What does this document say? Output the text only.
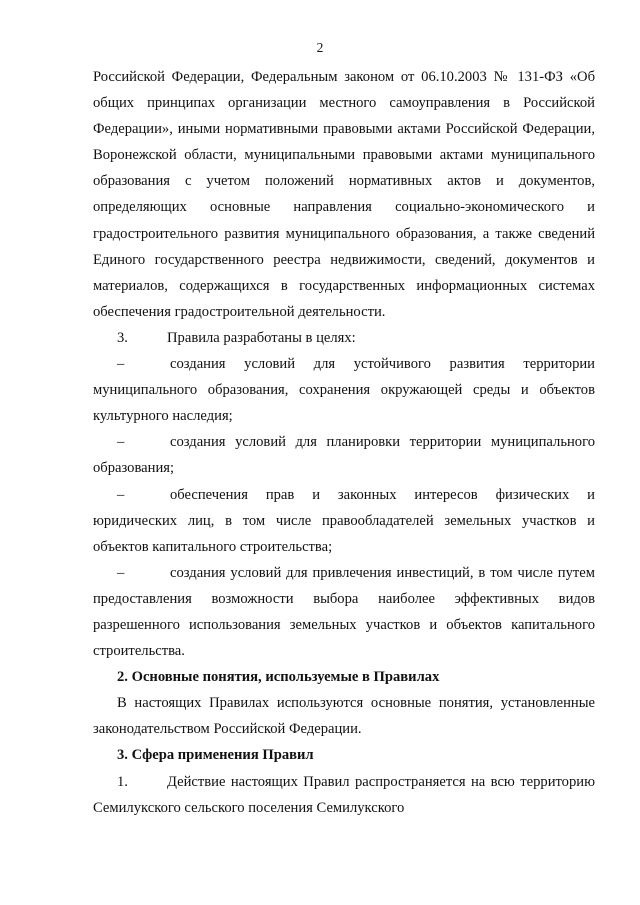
2

Российской Федерации, Федеральным законом от 06.10.2003 № 131-ФЗ «Об общих принципах организации местного самоуправления в Российской Федерации», иными нормативными правовыми актами Российской Федерации, Воронежской области, муниципальными правовыми актами муниципального образования с учетом положений нормативных актов и документов, определяющих основные направления социально-экономического и градостроительного развития муниципального образования, а также сведений Единого государственного реестра недвижимости, сведений, документов и материалов, содержащихся в государственных информационных системах обеспечения градостроительной деятельности.

3.	Правила разработаны в целях:

–	создания условий для устойчивого развития территории муниципального образования, сохранения окружающей среды и объектов культурного наследия;

–	создания условий для планировки территории муниципального образования;

–	обеспечения прав и законных интересов физических и юридических лиц, в том числе правообладателей земельных участков и объектов капитального строительства;

–	создания условий для привлечения инвестиций, в том числе путем предоставления возможности выбора наиболее эффективных видов разрешенного использования земельных участков и объектов капитального строительства.

2. Основные понятия, используемые в Правилах

В настоящих Правилах используются основные понятия, установленные законодательством Российской Федерации.

3. Сфера применения Правил

1.	Действие настоящих Правил распространяется на всю территорию Семилукского сельского поселения Семилукского
